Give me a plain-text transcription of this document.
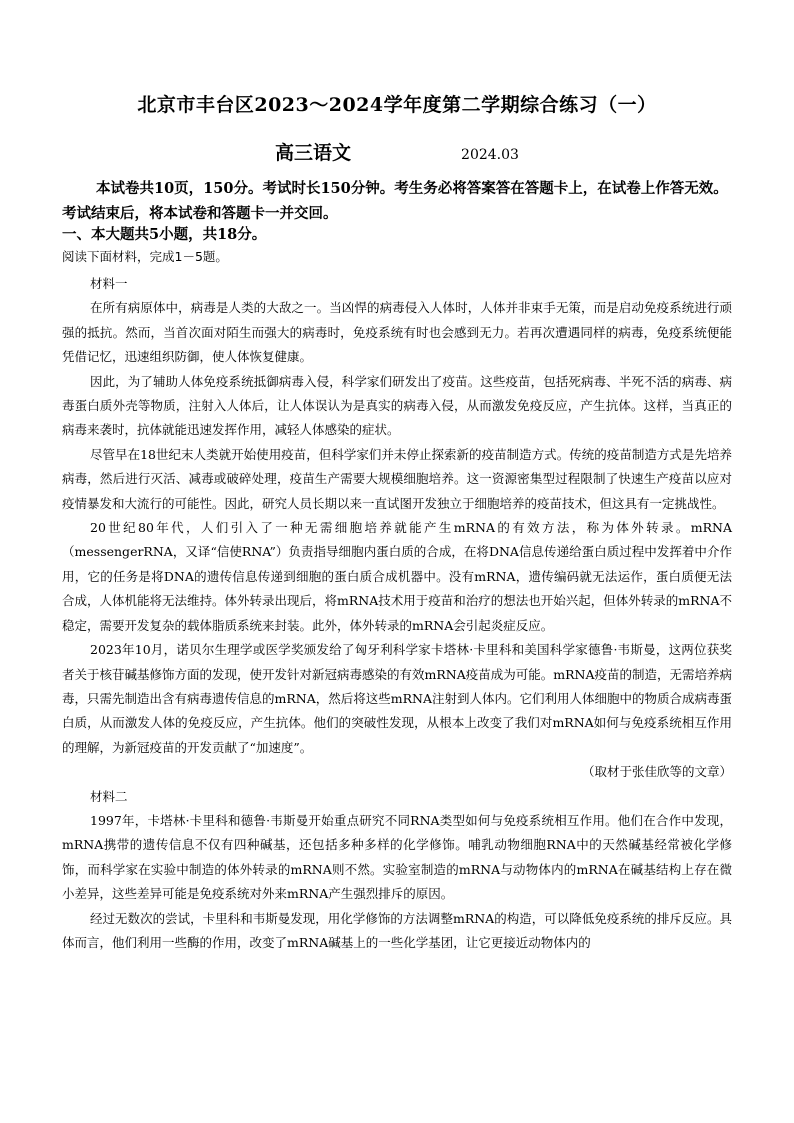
北京市丰台区2023～2024学年度第二学期综合练习（一）
高三语文	2024.03

本试卷共10页，150分。考试时长150分钟。考生务必将答案答在答题卡上，在试卷上作答无效。考试结束后，将本试卷和答题卡一并交回。

一、本大题共5小题，共18分。

阅读下面材料，完成1－5题。

材料一

在所有病原体中，病毒是人类的大敌之一。当凶悍的病毒侵入人体时，人体并非束手无策，而是启动免疫系统进行顽强的抵抗。然而，当首次面对陌生而强大的病毒时，免疫系统有时也会感到无力。若再次遭遇同样的病毒，免疫系统便能凭借记忆，迅速组织防御，使人体恢复健康。

因此，为了辅助人体免疫系统抵御病毒入侵，科学家们研发出了疫苗。这些疫苗，包括死病毒、半死不活的病毒、病毒蛋白质外壳等物质，注射入人体后，让人体误认为是真实的病毒入侵，从而激发免疫反应，产生抗体。这样，当真正的病毒来袭时，抗体就能迅速发挥作用，减轻人体感染的症状。

尽管早在18世纪末人类就开始使用疫苗，但科学家们并未停止探索新的疫苗制造方式。传统的疫苗制造方式是先培养病毒，然后进行灭活、减毒或破碎处理，疫苗生产需要大规模细胞培养。这一资源密集型过程限制了快速生产疫苗以应对疫情暴发和大流行的可能性。因此，研究人员长期以来一直试图开发独立于细胞培养的疫苗技术，但这具有一定挑战性。

20世纪80年代，人们引入了一种无需细胞培养就能产生mRNA的有效方法，称为体外转录。mRNA（messengerRNA，又译“信使RNA”）负责指导细胞内蛋白质的合成，在将DNA信息传递给蛋白质过程中发挥着中介作用，它的任务是将DNA的遗传信息传递到细胞的蛋白质合成机器中。没有mRNA，遗传编码就无法运作，蛋白质便无法合成，人体机能将无法维持。体外转录出现后，将mRNA技术用于疫苗和治疗的想法也开始兴起，但体外转录的mRNA不稳定，需要开发复杂的载体脂质系统来封装。此外，体外转录的mRNA会引起炎症反应。

2023年10月，诺贝尔生理学或医学奖颁发给了匈牙利科学家卡塔林·卡里科和美国科学家德鲁·韦斯曼，这两位获奖者关于核苷碱基修饰方面的发现，使开发针对新冠病毒感染的有效mRNA疫苗成为可能。mRNA疫苗的制造，无需培养病毒，只需先制造出含有病毒遗传信息的mRNA，然后将这些mRNA注射到人体内。它们利用人体细胞中的物质合成病毒蛋白质，从而激发人体的免疫反应，产生抗体。他们的突破性发现，从根本上改变了我们对mRNA如何与免疫系统相互作用的理解，为新冠疫苗的开发贡献了“加速度”。

（取材于张佳欣等的文章）

材料二

1997年，卡塔林·卡里科和德鲁·韦斯曼开始重点研究不同RNA类型如何与免疫系统相互作用。他们在合作中发现，mRNA携带的遗传信息不仅有四种碱基，还包括多种多样的化学修饰。哺乳动物细胞RNA中的天然碱基经常被化学修饰，而科学家在实验中制造的体外转录的mRNA则不然。实验室制造的mRNA与动物体内的mRNA在碱基结构上存在微小差异，这些差异可能是免疫系统对外来mRNA产生强烈排斥的原因。

经过无数次的尝试，卡里科和韦斯曼发现，用化学修饰的方法调整mRNA的构造，可以降低免疫系统的排斥反应。具体而言，他们利用一些酶的作用，改变了mRNA碱基上的一些化学基团，让它更接近动物体内的
